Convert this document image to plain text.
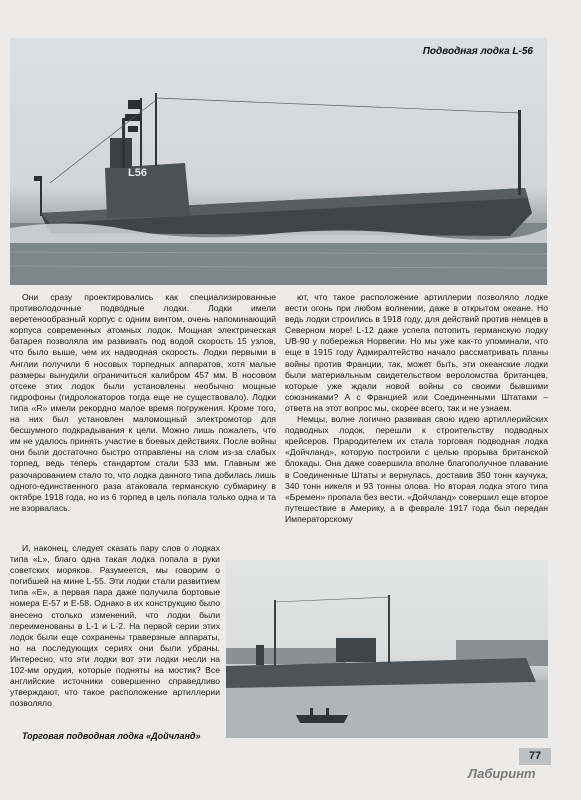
L56
Подводная лодка L-56

Они сразу проектировались как специализированные противолодочные подводные лодки. Лодки имели веретенообразный корпус с одним винтом, очень напоминающий корпуса современных атомных лодок. Мощная электрическая батарея позволяла им развивать под водой скорость 15 узлов, что было выше, чем их надводная скорость. Лодки первыми в Англии получили 6 носовых торпедных аппаратов, хотя малые размеры вынудили ограничиться калибром 457 мм. В носовом отсеке этих лодок были установлены необычно мощные гидрофоны (гидролокаторов тогда еще не существовало). Лодки типа «R» имели рекордно малое время погружения. Кроме того, на них был установлен маломощный электромотор для бесшумного подкрадывания к цели. Можно лишь пожалеть, что им не удалось принять участие в боевых действиях. После войны они были достаточно быстро отправлены на слом из-за слабых торпед, ведь теперь стандартом стали 533 мм. Главным же разочарованием стало то, что лодка данного типа добилась лишь одного-единственного раза атаковала германскую субмарину в октябре 1918 года, но из 6 торпед в цель попала только одна и та не взорвалась.

И, наконец, следует сказать пару слов о лодках типа «L», благо одна такая лодка попала в руки советских моряков. Разумеется, мы говорим о погибшей на мине L-55. Эти лодки стали развитием типа «E», а первая пара даже получила бортовые номера E-57 и E-58. Однако в их конструкцию было внесено столько изменений, что лодки были переименованы в L-1 и L-2. На первой серии этих лодок были еще сохранены траверзные аппараты, но на последующих сериях они были убраны. Интересно, что эти лодки вот эти лодки несли на 102-мм орудия, которые подняты на мостик? Все английские источники совершенно справедливо утверждают, что такое расположение артиллерии позволяло

ют, что такое расположение артиллерии позволяло лодке вести огонь при любом волнении, даже в открытом океане. Но ведь лодки строились в 1918 году, для действий против немцев в Северном море! L-12 даже успела потопить германскую лодку UB-90 у побережья Норвегии. Но мы уже как-то упоминали, что еще в 1915 году Адмиралтейство начало рассматривать планы войны против Франции, так, может быть, эти океанские лодки были материальным свидетельством вероломства британцев, которые уже ждали новой войны со своими бывшими союзниками? А с Францией или Соединенными Штатами – ответа на этот вопрос мы, скорее всего, так и не узнаем.

Немцы, волне логично развивая свою идею артиллерийских подводных лодок, перешли к строительству подводных крейсеров. Прародителем их стала торговая подводная лодка «Дойчланд», которую построили с целью прорыва британской блокады. Она даже совершила вполне благополучное плавание в Соединенные Штаты и вернулась, доставив 350 тонн каучука, 340 тонн никеля и 93 тонны олова. Но вторая лодка этого типа «Бремен» пропала без вести. «Дойчланд» совершил еще второе путешествие в Америку, а в феврале 1917 года был передан Императорскому

Торговая подводная лодка «Дойчланд»
77
Лабиринт
